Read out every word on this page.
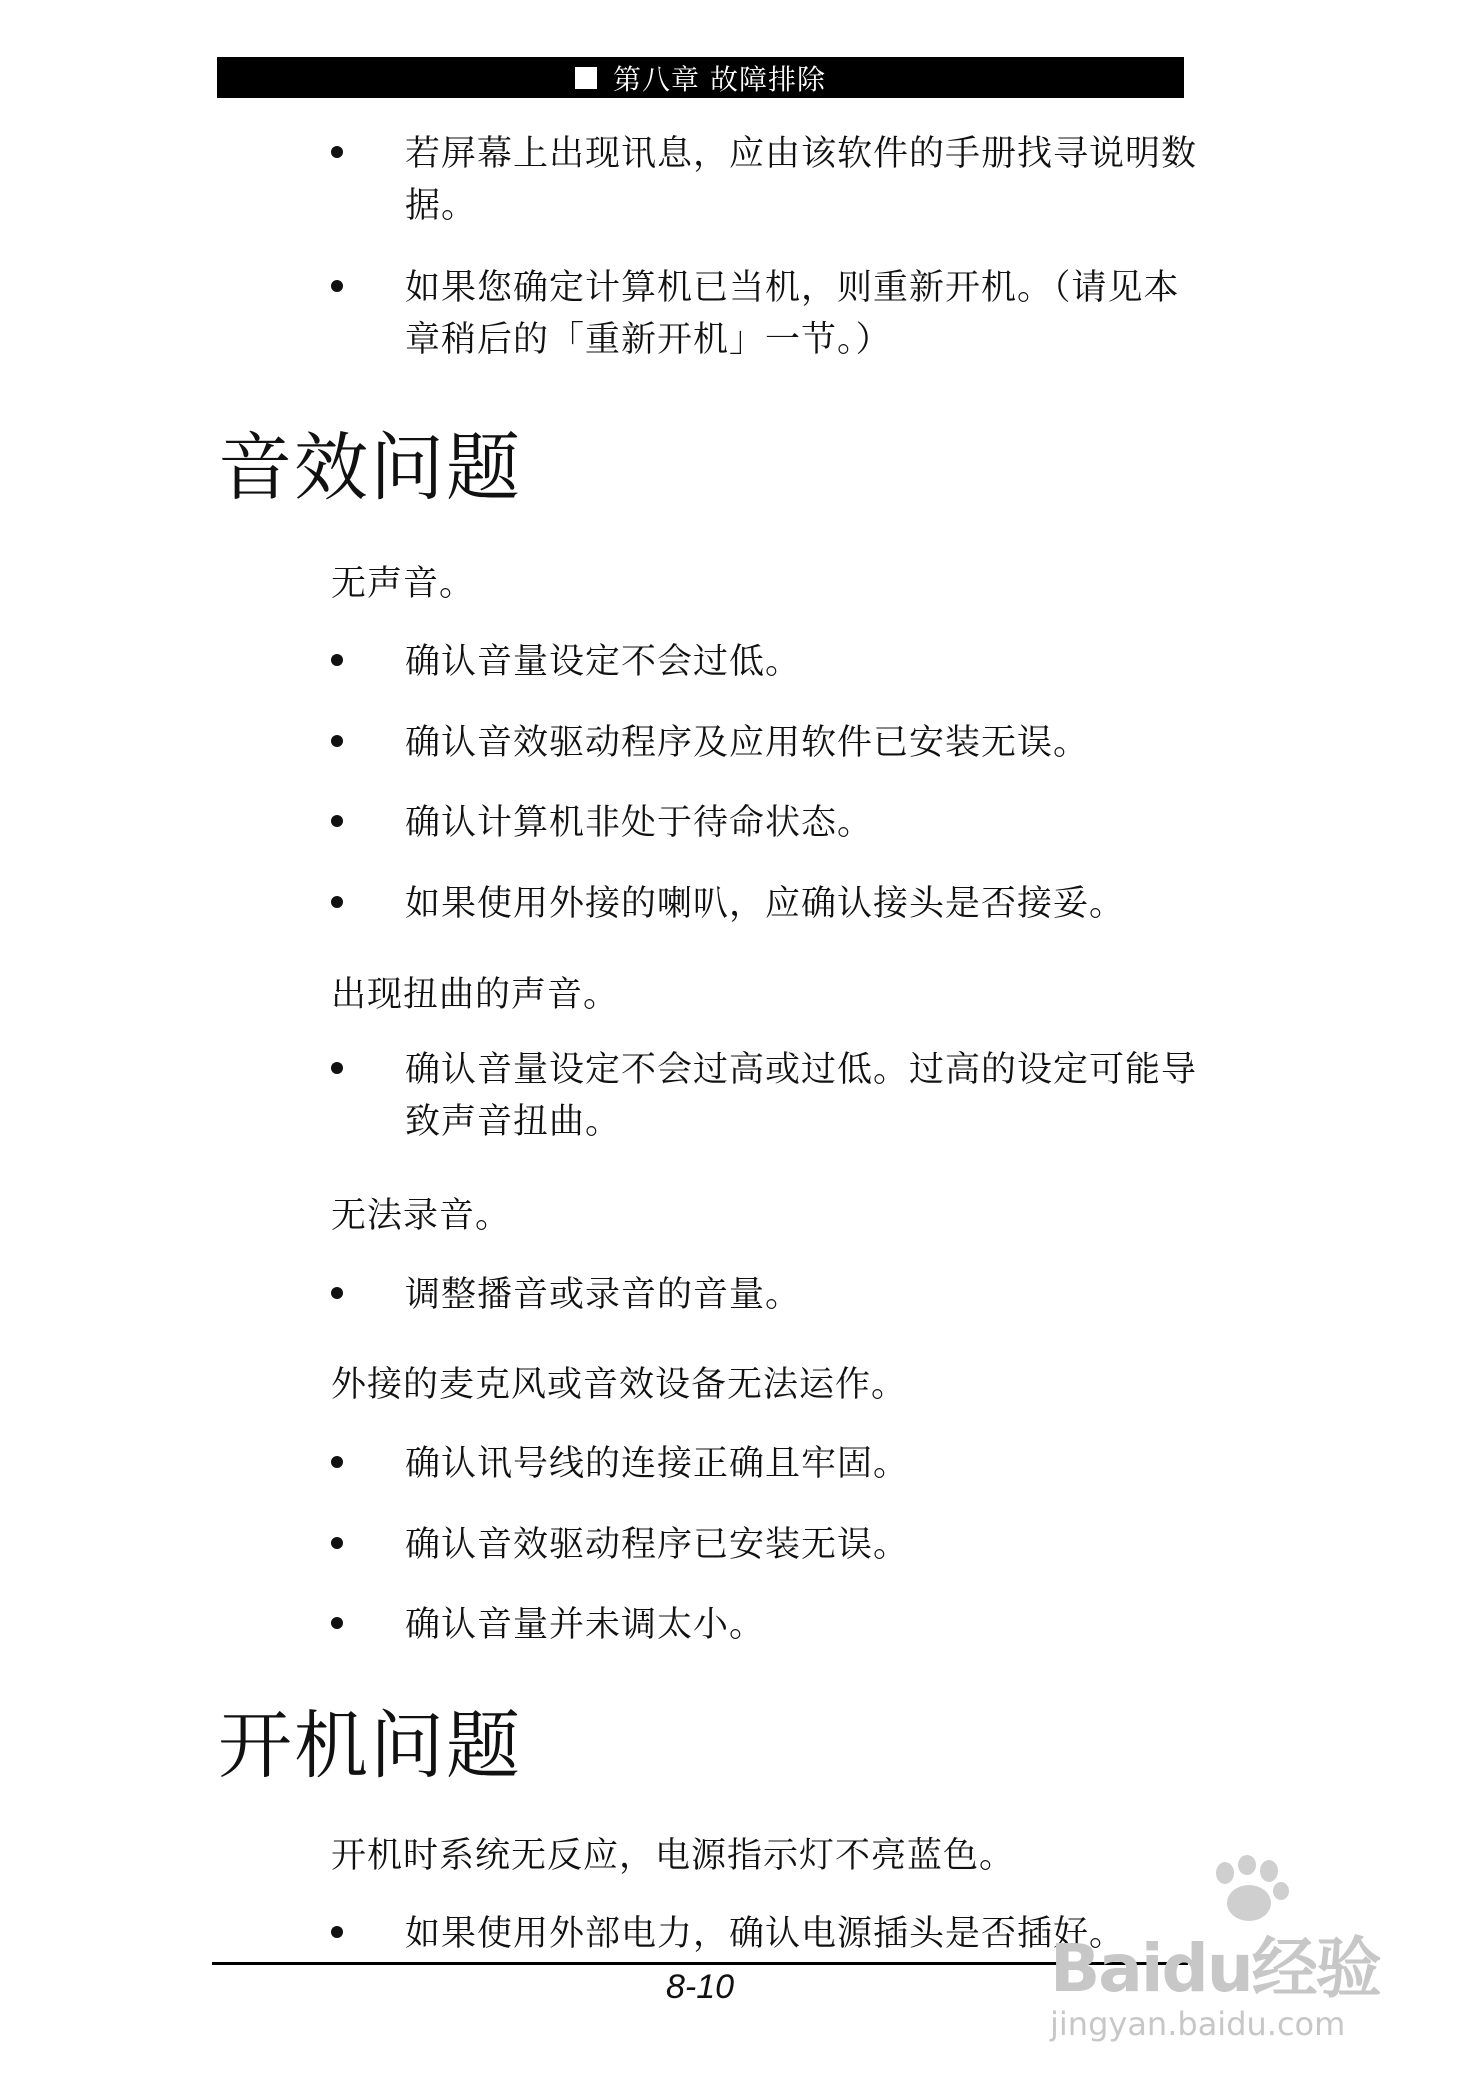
第八章 故障排除
若屏幕上出现讯息，应由该软件的手册找寻说明数据。
如果您确定计算机已当机，则重新开机。（请见本章稍后的「重新开机」一节。）
音效问题

无声音。

确认音量设定不会过低。
确认音效驱动程序及应用软件已安装无误。
确认计算机非处于待命状态。
如果使用外接的喇叭，应确认接头是否接妥。

出现扭曲的声音。

确认音量设定不会过高或过低。过高的设定可能导致声音扭曲。

无法录音。

调整播音或录音的音量。

外接的麦克风或音效设备无法运作。

确认讯号线的连接正确且牢固。
确认音效驱动程序已安装无误。
确认音量并未调太小。
开机问题

开机时系统无反应，电源指示灯不亮蓝色。

如果使用外部电力，确认电源插头是否插好。
8-10	Baidu经验
jingyan.baidu.com
